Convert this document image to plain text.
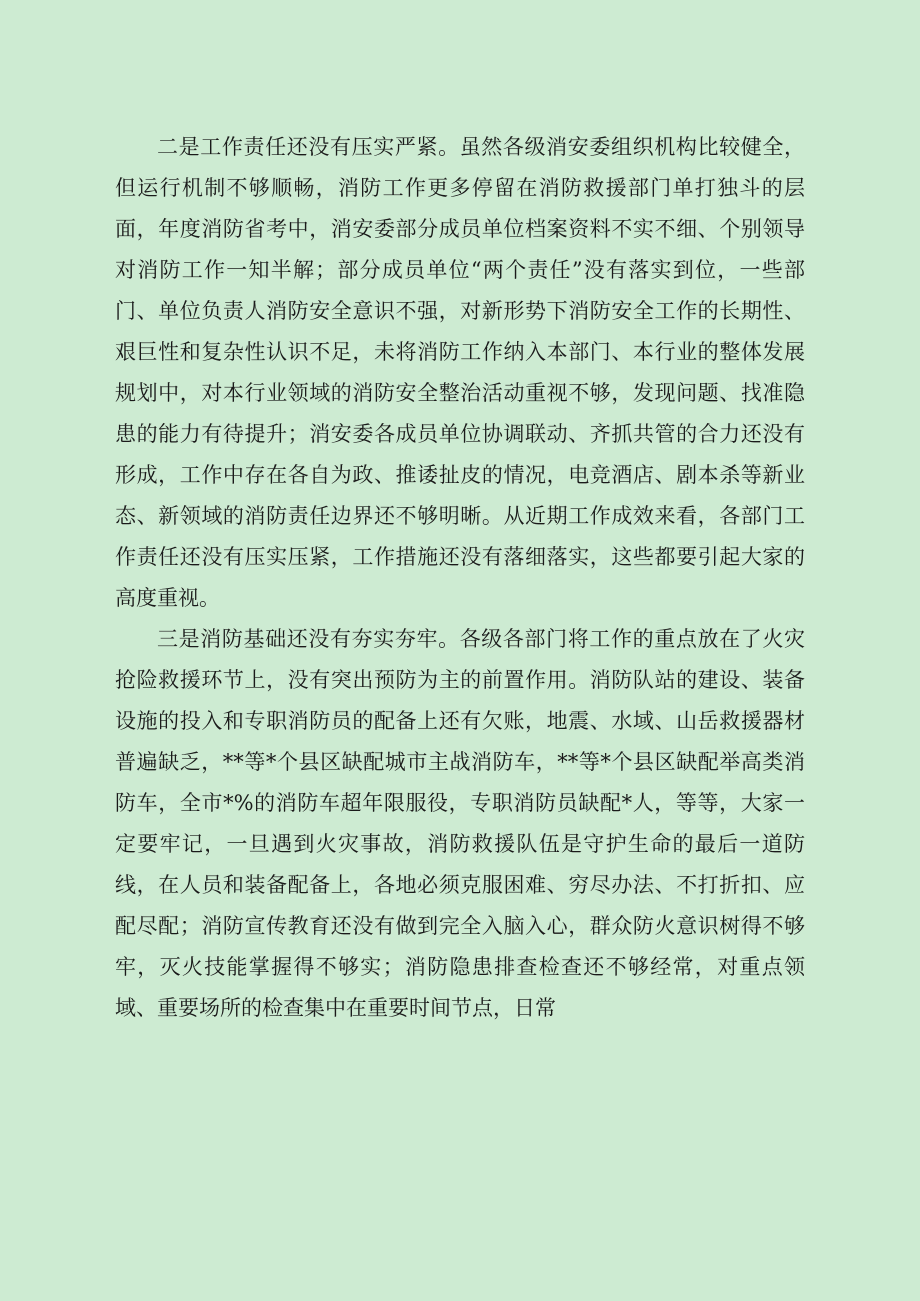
二是工作责任还没有压实严紧。虽然各级消安委组织机构比较健全，但运行机制不够顺畅，消防工作更多停留在消防救援部门单打独斗的层面，年度消防省考中，消安委部分成员单位档案资料不实不细、个别领导对消防工作一知半解；部分成员单位“两个责任”没有落实到位，一些部门、单位负责人消防安全意识不强，对新形势下消防安全工作的长期性、艰巨性和复杂性认识不足，未将消防工作纳入本部门、本行业的整体发展规划中，对本行业领域的消防安全整治活动重视不够，发现问题、找准隐患的能力有待提升；消安委各成员单位协调联动、齐抓共管的合力还没有形成，工作中存在各自为政、推诿扯皮的情况，电竞酒店、剧本杀等新业态、新领域的消防责任边界还不够明晰。从近期工作成效来看，各部门工作责任还没有压实压紧，工作措施还没有落细落实，这些都要引起大家的高度重视。

三是消防基础还没有夯实夯牢。各级各部门将工作的重点放在了火灾抢险救援环节上，没有突出预防为主的前置作用。消防队站的建设、装备设施的投入和专职消防员的配备上还有欠账，地震、水域、山岳救援器材普遍缺乏，**等*个县区缺配城市主战消防车，**等*个县区缺配举高类消防车，全市*%的消防车超年限服役，专职消防员缺配*人，等等，大家一定要牢记，一旦遇到火灾事故，消防救援队伍是守护生命的最后一道防线，在人员和装备配备上，各地必须克服困难、穷尽办法、不打折扣、应配尽配；消防宣传教育还没有做到完全入脑入心，群众防火意识树得不够牢，灭火技能掌握得不够实；消防隐患排查检查还不够经常，对重点领域、重要场所的检查集中在重要时间节点，日常
